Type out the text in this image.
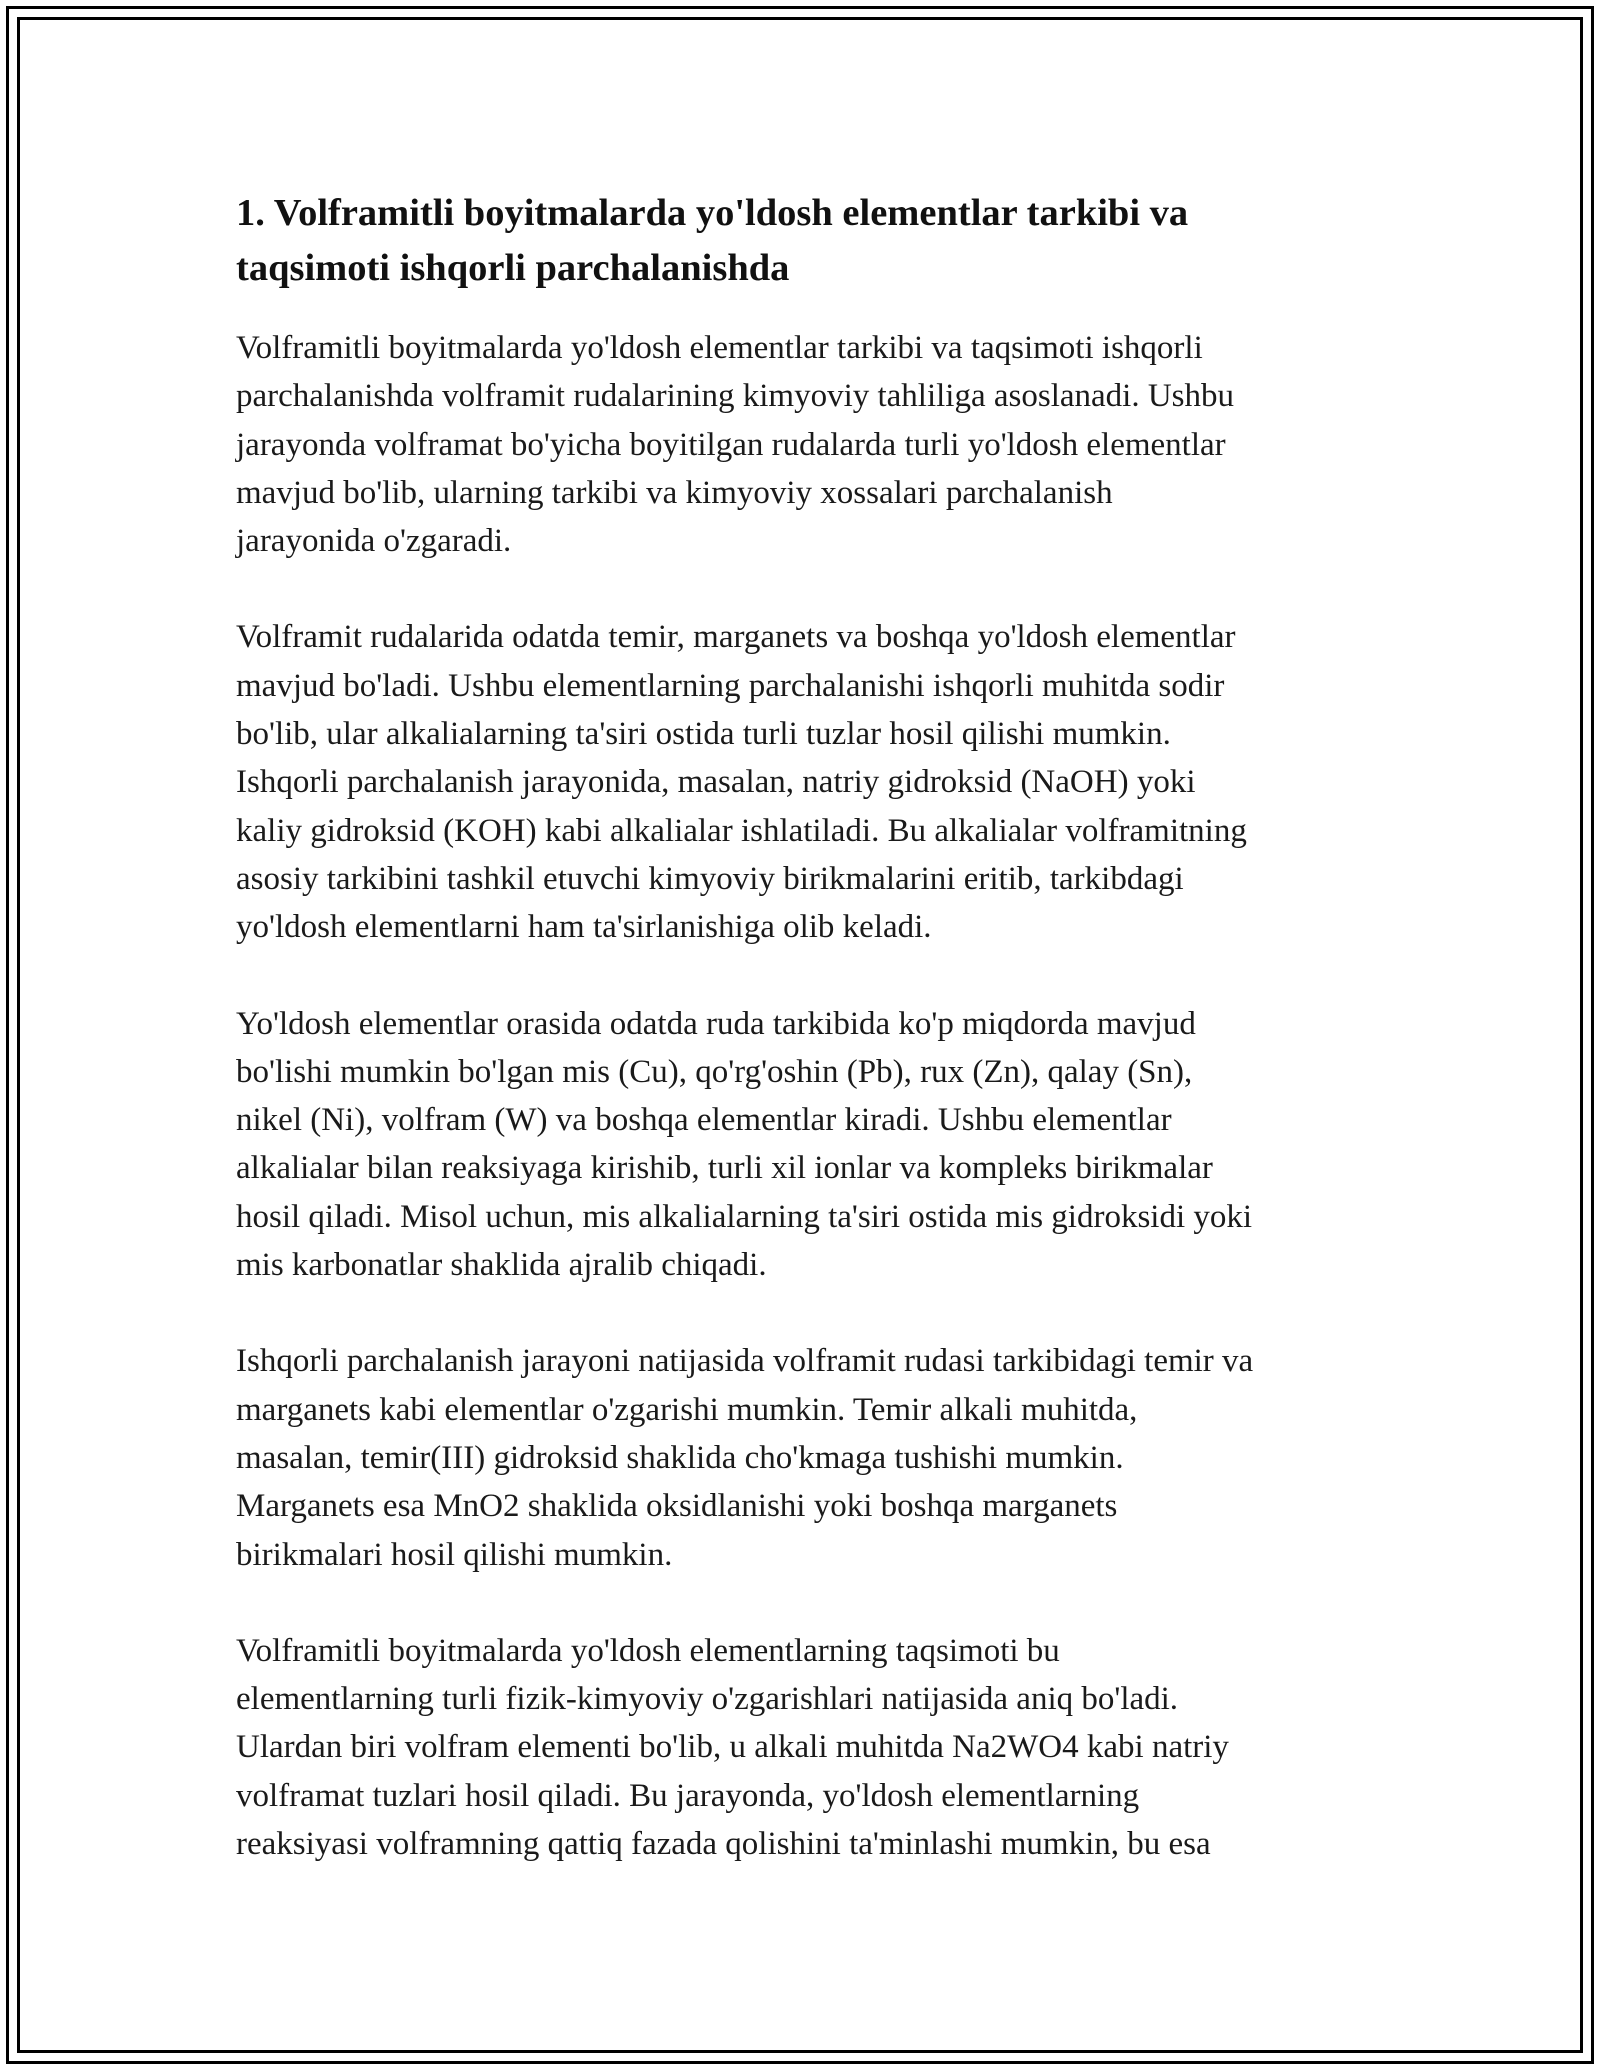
1. Volframitli boyitmalarda yo'ldosh elementlar tarkibi va
taqsimoti ishqorli parchalanishda

Volframitli boyitmalarda yo'ldosh elementlar tarkibi va taqsimoti ishqorli
parchalanishda volframit rudalarining kimyoviy tahliliga asoslanadi. Ushbu
jarayonda volframat bo'yicha boyitilgan rudalarda turli yo'ldosh elementlar
mavjud bo'lib, ularning tarkibi va kimyoviy xossalari parchalanish
jarayonida o'zgaradi.

Volframit rudalarida odatda temir, marganets va boshqa yo'ldosh elementlar
mavjud bo'ladi. Ushbu elementlarning parchalanishi ishqorli muhitda sodir
bo'lib, ular alkalialarning ta'siri ostida turli tuzlar hosil qilishi mumkin.
Ishqorli parchalanish jarayonida, masalan, natriy gidroksid (NaOH) yoki
kaliy gidroksid (KOH) kabi alkalialar ishlatiladi. Bu alkalialar volframitning
asosiy tarkibini tashkil etuvchi kimyoviy birikmalarini eritib, tarkibdagi
yo'ldosh elementlarni ham ta'sirlanishiga olib keladi.

Yo'ldosh elementlar orasida odatda ruda tarkibida ko'p miqdorda mavjud
bo'lishi mumkin bo'lgan mis (Cu), qo'rg'oshin (Pb), rux (Zn), qalay (Sn),
nikel (Ni), volfram (W) va boshqa elementlar kiradi. Ushbu elementlar
alkalialar bilan reaksiyaga kirishib, turli xil ionlar va kompleks birikmalar
hosil qiladi. Misol uchun, mis alkalialarning ta'siri ostida mis gidroksidi yoki
mis karbonatlar shaklida ajralib chiqadi.

Ishqorli parchalanish jarayoni natijasida volframit rudasi tarkibidagi temir va
marganets kabi elementlar o'zgarishi mumkin. Temir alkali muhitda,
masalan, temir(III) gidroksid shaklida cho'kmaga tushishi mumkin.
Marganets esa MnO2 shaklida oksidlanishi yoki boshqa marganets
birikmalari hosil qilishi mumkin.

Volframitli boyitmalarda yo'ldosh elementlarning taqsimoti bu
elementlarning turli fizik-kimyoviy o'zgarishlari natijasida aniq bo'ladi.
Ulardan biri volfram elementi bo'lib, u alkali muhitda Na2WO4 kabi natriy
volframat tuzlari hosil qiladi. Bu jarayonda, yo'ldosh elementlarning
reaksiyasi volframning qattiq fazada qolishini ta'minlashi mumkin, bu esa
